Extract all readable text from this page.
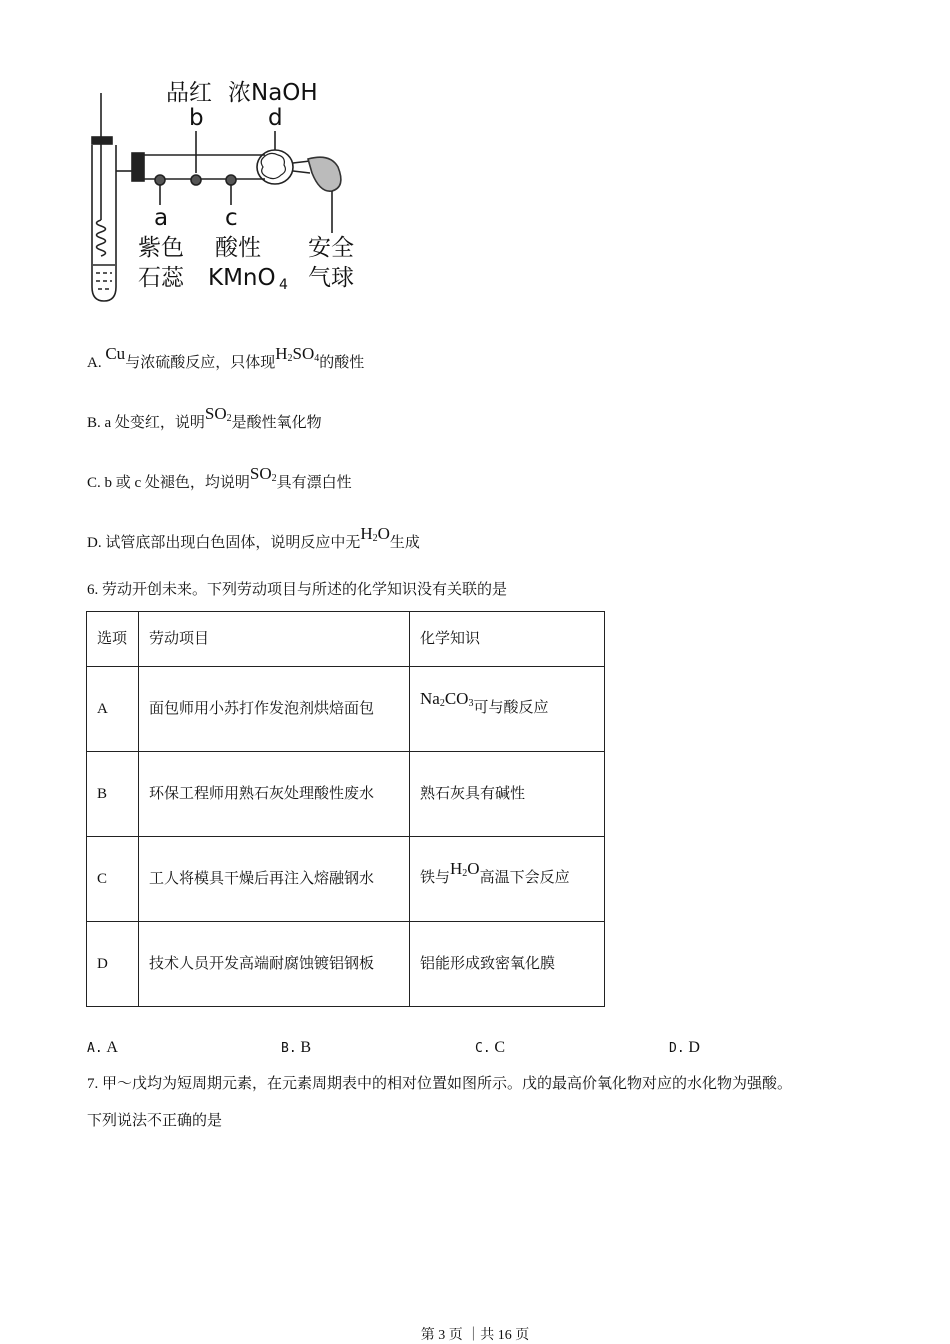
品红 浓NaOH
b	d
a c
紫色
石蕊
酸性
KMnO 4
安全
气球
A. Cu与浓硫酸反应，只体现$H_2SO_4$的酸性
B. a 处变红，说明$SO_2$是酸性氧化物
C. b 或 c 处褪色，均说明$SO_2$具有漂白性
D. 试管底部出现白色固体，说明反应中无$H_2O$生成
6. 劳动开创未来。下列劳动项目与所述的化学知识没有关联的是
选项	劳动项目	化学知识
A	面包师用小苏打作发泡剂烘焙面包	$Na_2CO_3$可与酸反应
B	环保工程师用熟石灰处理酸性废水	熟石灰具有碱性
C	工人将模具干燥后再注入熔融钢水	铁与$H_2O$高温下会反应
D	技术人员开发高端耐腐蚀镀铝钢板	铝能形成致密氧化膜
A. A	B. B	C. C	D. D
7. 甲～戊均为短周期元素，在元素周期表中的相对位置如图所示。戊的最高价氧化物对应的水化物为强酸。
下列说法不正确的是
第 3 页 ｜共 16 页
